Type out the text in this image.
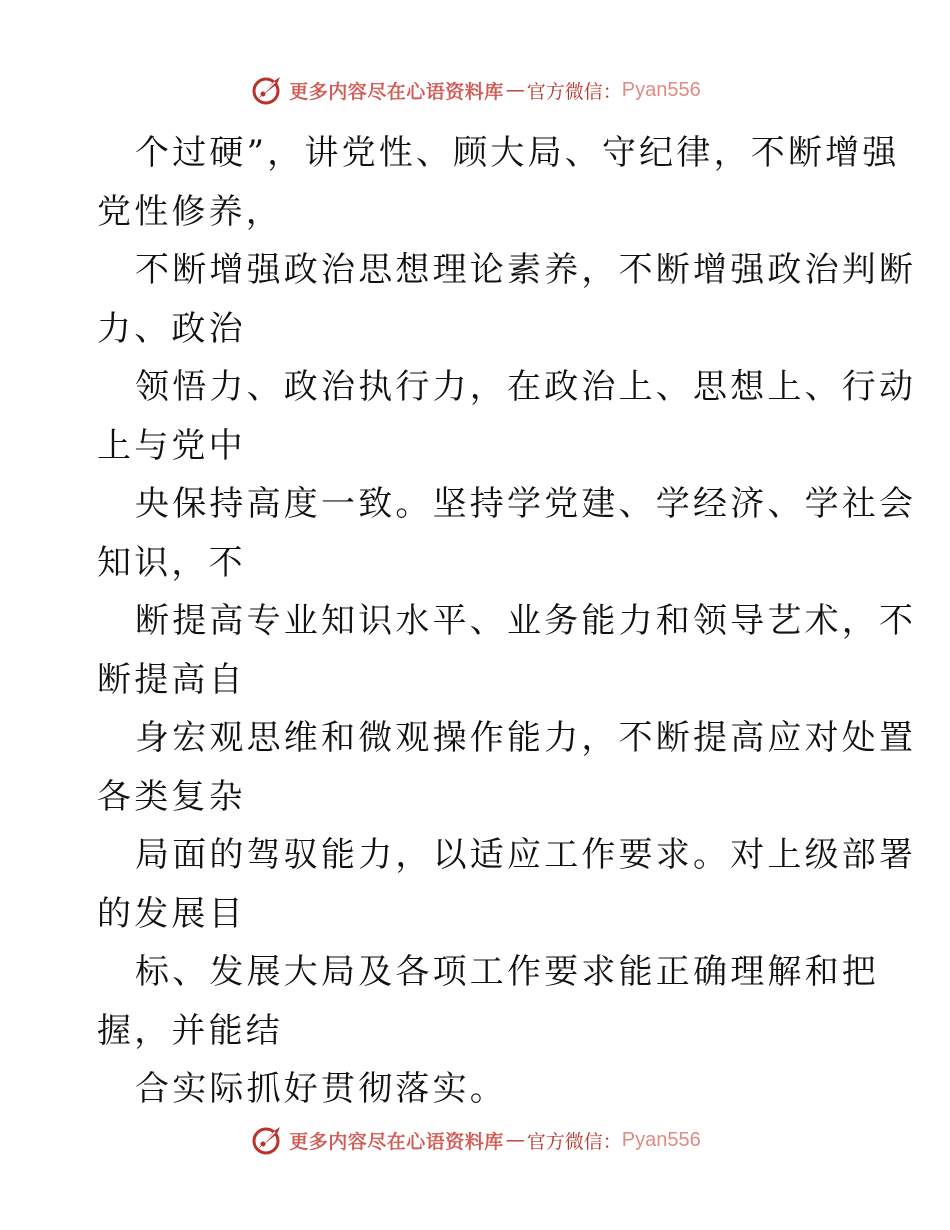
更多内容尽在心语资料库 — 官方微信： Pyan556
个过硬”，讲党性、顾大局、守纪律，不断增强
党性修养，
不断增强政治思想理论素养，不断增强政治判断
力、政治
领悟力、政治执行力，在政治上、思想上、行动
上与党中
央保持高度一致。坚持学党建、学经济、学社会
知识，不
断提高专业知识水平、业务能力和领导艺术，不
断提高自
身宏观思维和微观操作能力，不断提高应对处置
各类复杂
局面的驾驭能力，以适应工作要求。对上级部署
的发展目
标、发展大局及各项工作要求能正确理解和把
握，并能结
合实际抓好贯彻落实。
更多内容尽在心语资料库 — 官方微信： Pyan556
